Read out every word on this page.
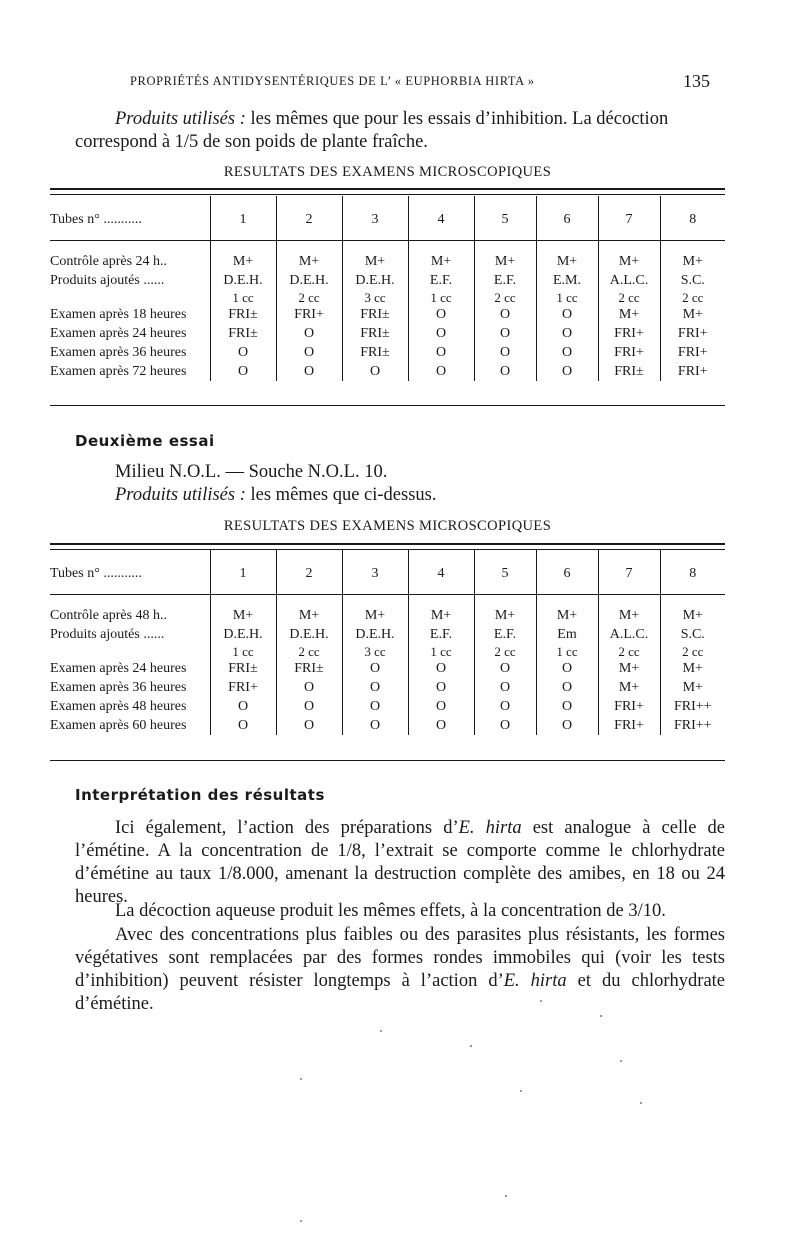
PROPRIÉTÉS ANTIDYSENTÉRIQUES DE L’ « EUPHORBIA HIRTA »	135
Produits utilisés : les mêmes que pour les essais d’inhibition. La décoction
correspond à 1/5 de son poids de plante fraîche.
RESULTATS DES EXAMENS MICROSCOPIQUES
Tubes n° ...........	1	2	3	4	5	6	7	8

Contrôle après 24 h..	M+	M+	M+	M+	M+	M+	M+	M+
Produits ajoutés ......	D.E.H.	D.E.H.	D.E.H.	E.F.	E.F.	E.M.	A.L.C.	S.C.
	1 cc	2 cc	3 cc	1 cc	2 cc	1 cc	2 cc	2 cc
Examen après 18 heures	FRI±	FRI+	FRI±	O	O	O	M+	M+
Examen après 24 heures	FRI±	O	FRI±	O	O	O	FRI+	FRI+
Examen après 36 heures	O	O	FRI±	O	O	O	FRI+	FRI+
Examen après 72 heures	O	O	O	O	O	O	FRI±	FRI+
Deuxième essai
Milieu N.O.L. — Souche N.O.L. 10.
Produits utilisés : les mêmes que ci-dessus.
RESULTATS DES EXAMENS MICROSCOPIQUES
Tubes n° ...........	1	2	3	4	5	6	7	8

Contrôle après 48 h..	M+	M+	M+	M+	M+	M+	M+	M+
Produits ajoutés ......	D.E.H.	D.E.H.	D.E.H.	E.F.	E.F.	Em	A.L.C.	S.C.
	1 cc	2 cc	3 cc	1 cc	2 cc	1 cc	2 cc	2 cc
Examen après 24 heures	FRI±	FRI±	O	O	O	O	M+	M+
Examen après 36 heures	FRI+	O	O	O	O	O	M+	M+
Examen après 48 heures	O	O	O	O	O	O	FRI+	FRI++
Examen après 60 heures	O	O	O	O	O	O	FRI+	FRI++
Interprétation des résultats
Ici également, l’action des préparations d’E. hirta est analogue à celle de l’émétine. A la concentration de 1/8, l’extrait se comporte comme le chlorhydrate d’émétine au taux 1/8.000, amenant la destruction complète des amibes, en 18 ou 24 heures.
La décoction aqueuse produit les mêmes effets, à la concentration de 3/10.
Avec des concentrations plus faibles ou des parasites plus résistants, les formes végétatives sont remplacées par des formes rondes immobiles qui (voir les tests d’inhibition) peuvent résister longtemps à l’action d’E. hirta et du chlorhydrate d’émétine.
